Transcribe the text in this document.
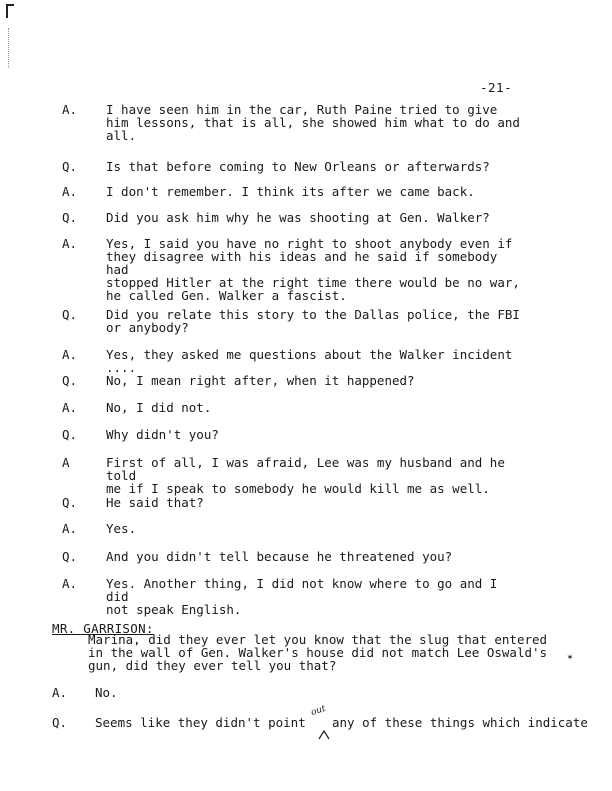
-21-
A.	I have seen him in the car, Ruth Paine tried to give
him lessons, that is all, she showed him what to do and
all.
Q.	Is that before coming to New Orleans or afterwards?
A.	I don't remember. I think its after we came back.
Q.	Did you ask him why he was shooting at Gen. Walker?
A.	Yes, I said you have no right to shoot anybody even if
they disagree with his ideas and he said if somebody had
stopped Hitler at the right time there would be no war,
he called Gen. Walker a fascist.
Q.	Did you relate this story to the Dallas police, the FBI
or anybody?
A.	Yes, they asked me questions about the Walker incident ....
Q.	No, I mean right after, when it happened?
A.	No, I did not.
Q.	Why didn't you?
A	First of all, I was afraid, Lee was my husband and he told
me if I speak to somebody he would kill me as well.
Q.	He said that?
A.	Yes.
Q.	And you didn't tell because he threatened you?
A.	Yes. Another thing, I did not know where to go and I did
not speak English.
MR. GARRISON:
Marina, did they ever let you know that the slug that entered
in the wall of Gen. Walker's house did not match Lee Oswald's
gun, did they ever tell you that?
✶
A.	No.
Q. Seems like they didn't point any of these things which indicate
out
